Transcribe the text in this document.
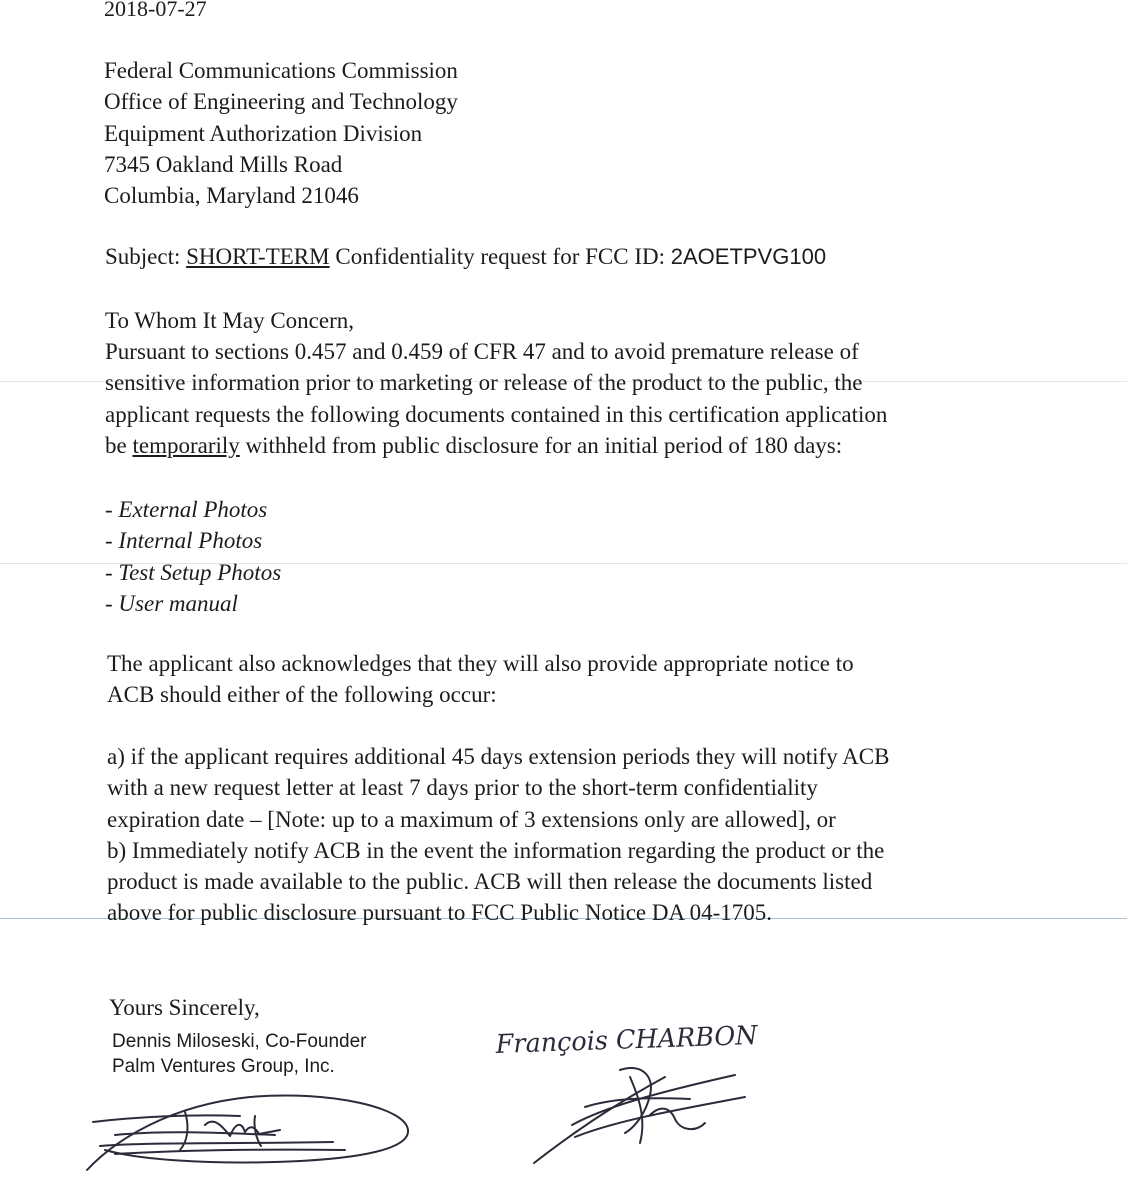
2018-07-27
Federal Communications Commission
Office of Engineering and Technology
Equipment Authorization Division
7345 Oakland Mills Road
Columbia, Maryland 21046
Subject: SHORT-TERM Confidentiality request for FCC ID: 2AOETPVG100
To Whom It May Concern,
Pursuant to sections 0.457 and 0.459 of CFR 47 and to avoid premature release of
sensitive information prior to marketing or release of the product to the public, the
applicant requests the following documents contained in this certification application
be temporarily withheld from public disclosure for an initial period of 180 days:
- External Photos
- Internal Photos
- Test Setup Photos
- User manual
The applicant also acknowledges that they will also provide appropriate notice to
ACB should either of the following occur:
a) if the applicant requires additional 45 days extension periods they will notify ACB
with a new request letter at least 7 days prior to the short-term confidentiality
expiration date – [Note: up to a maximum of 3 extensions only are allowed], or
b) Immediately notify ACB in the event the information regarding the product or the
product is made available to the public. ACB will then release the documents listed
above for public disclosure pursuant to FCC Public Notice DA 04-1705.
Yours Sincerely,
Dennis Miloseski, Co-Founder
Palm Ventures Group, Inc.
François CHARBON
